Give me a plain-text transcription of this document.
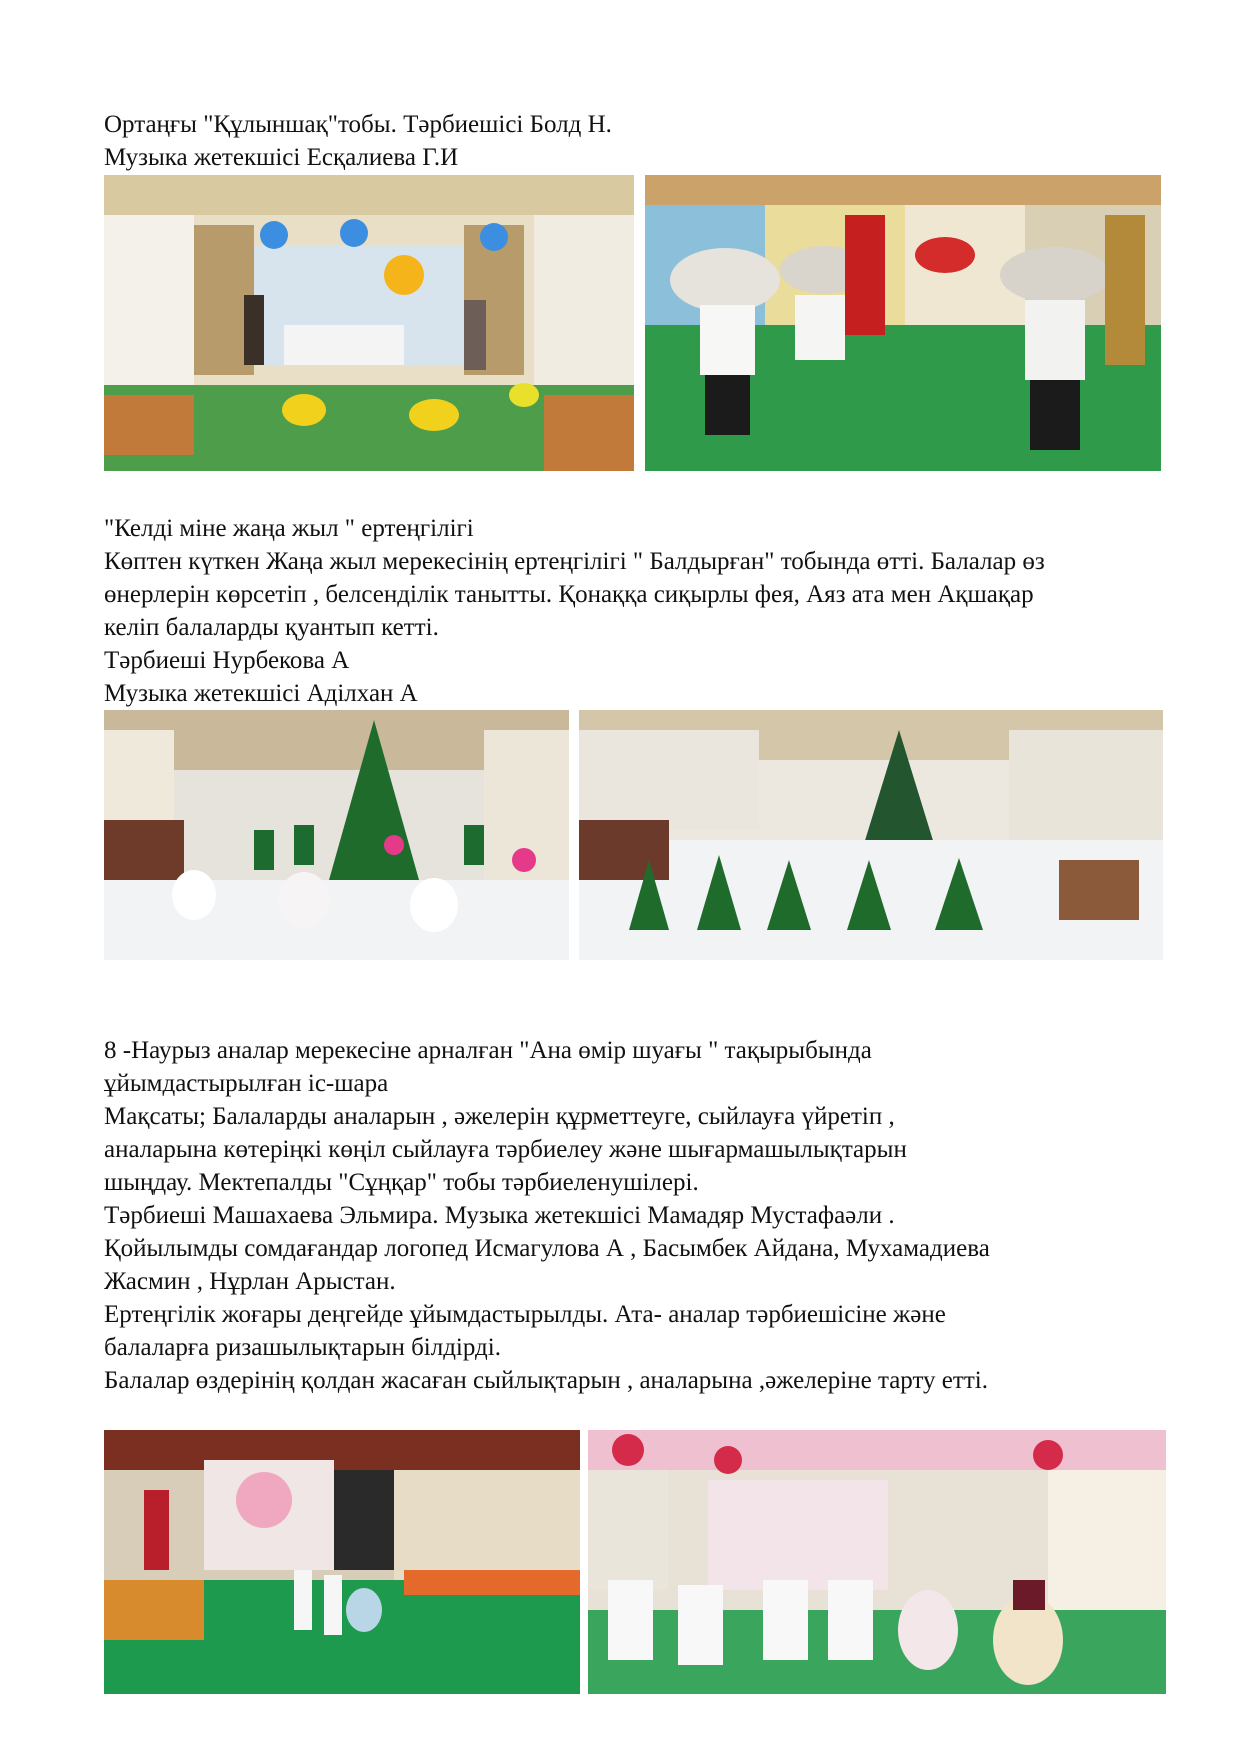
Ортаңғы "Құлыншақ"тобы. Тәрбиешісі Болд Н.

Музыка жетекшісі Есқалиева Г.И

"Келді міне жаңа жыл " ертеңгілігі

Көптен күткен Жаңа жыл мерекесінің ертеңгілігі " Балдырған" тобында өтті. Балалар өз

өнерлерін көрсетіп , белсенділік танытты. Қонаққа сиқырлы фея, Аяз ата мен Ақшақар

келіп балаларды қуантып кетті.

Тәрбиеші Нурбекова А

Музыка жетекшісі Аділхан А

8 -Наурыз аналар мерекесіне арналған "Ана өмір шуағы " тақырыбында

ұйымдастырылған іс-шара

Мақсаты; Балаларды аналарын , әжелерін құрметтеуге, сыйлауға үйретіп ,

аналарына көтеріңкі көңіл сыйлауға тәрбиелеу және шығармашылықтарын

шыңдау. Мектепалды "Сұңқар" тобы тәрбиеленушілері.

Тәрбиеші Машахаева Эльмира. Музыка жетекшісі Мамадяр Мустафаәли .

Қойылымды сомдағандар логопед Исмагулова А , Басымбек Айдана, Мухамадиева

Жасмин , Нұрлан Арыстан.

Ертеңгілік жоғары деңгейде ұйымдастырылды. Ата- аналар тәрбиешісіне және

балаларға ризашылықтарын білдірді.

Балалар өздерінің қолдан жасаған сыйлықтарын , аналарына ,әжелеріне тарту етті.
